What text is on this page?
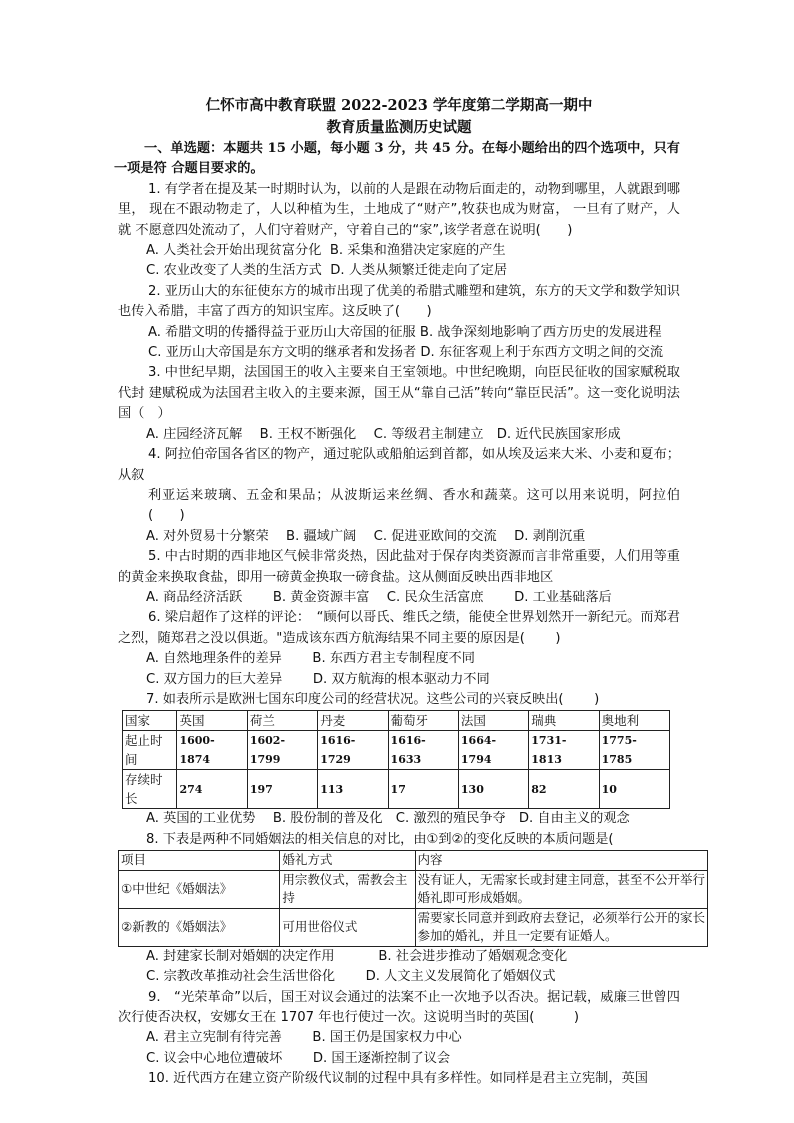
仁怀市高中教育联盟 2022-2023 学年度第二学期高一期中

教育质量监测历史试题

一、单选题：本题共 15 小题，每小题 3 分，共 45 分。在每小题给出的四个选项中，只有一项是符 合题目要求的。

1. 有学者在提及某一时期时认为，以前的人是跟在动物后面走的，动物到哪里，人就跟到哪里， 现在不跟动物走了，人以种植为生，土地成了“财产”,牧获也成为财富， 一旦有了财产，人就 不愿意四处流动了，人们守着财产，守着自己的“家”,该学者意在说明(　　)

A. 人类社会开始出现贫富分化 B. 采集和渔猎决定家庭的产生
C. 农业改变了人类的生活方式 D. 人类从频繁迁徙走向了定居

2. 亚历山大的东征使东方的城市出现了优美的希腊式雕塑和建筑，东方的天文学和数学知识也传入希腊，丰富了西方的知识宝库。这反映了(　　)

A. 希腊文明的传播得益于亚历山大帝国的征服 B. 战争深刻地影响了西方历史的发展进程

C. 亚历山大帝国是东方文明的继承者和发扬者 D. 东征客观上利于东西方文明之间的交流

3. 中世纪早期，法国国王的收入主要来自王室领地。中世纪晚期，向臣民征收的国家赋税取代封 建赋税成为法国君主收入的主要来源，国王从“靠自己活”转向“靠臣民活”。这一变化说明法国（　）

A. 庄园经济瓦解　 B. 王权不断强化　 C. 等级君主制建立　D. 近代民族国家形成

4. 阿拉伯帝国各省区的物产，通过驼队或船舶运到首都，如从埃及运来大米、小麦和夏布；从叙

利亚运来玻璃、五金和果品；从波斯运来丝绸、香水和蔬菜。这可以用来说明，阿拉伯(　　)

A. 对外贸易十分繁荣　 B. 疆域广阔　 C. 促进亚欧间的交流　 D. 剥削沉重

5. 中古时期的西非地区气候非常炎热，因此盐对于保存肉类资源而言非常重要，人们用等重的黄金来换取食盐，即用一磅黄金换取一磅食盐。这从侧面反映出西非地区

A. 商品经济活跃　　 B. 黄金资源丰富　 C. 民众生活富庶　　 D. 工业基础落后

6. 梁启超作了这样的评论：　“顾何以哥氏、维氏之绩，能使全世界划然开一新纪元。而郑君之烈，随郑君之没以俱逝。"造成该东西方航海结果不同主要的原因是(　　 )

A. 自然地理条件的差异　　 B. 东西方君主专制程度不同
C. 双方国力的巨大差异　　 D. 双方航海的根本驱动力不同
7. 如表所示是欧洲七国东印度公司的经营状况。这些公司的兴衰反映出(　　 )
国家	英国	荷兰	丹麦	葡萄牙	法国	瑞典	奥地利
起止时间	1600-1874	1602-1799	1616-1729	1616-1633	1664-1794	1731-1813	1775-1785
存续时长	274	197	113	17	130	82	10
A. 英国的工业优势　 B. 股份制的普及化　C. 激烈的殖民争夺　D. 自由主义的观念
8. 下表是两种不同婚姻法的相关信息的对比，由①到②的变化反映的本质问题是(
项目	婚礼方式	内容
①中世纪《婚姻法》	用宗教仪式，需教会主持	没有证人，无需家长或封建主同意，甚至不公开举行婚礼即可形成婚姻。
②新教的《婚姻法》	可用世俗仪式	需要家长同意并到政府去登记，必须举行公开的家长参加的婚礼，并且一定要有证婚人。
A. 封建家长制对婚姻的决定作用　　　 B. 社会进步推动了婚姻观念变化
C. 宗教改革推动社会生活世俗化　　 D. 人文主义发展简化了婚姻仪式

9.　“光荣革命”以后，国王对议会通过的法案不止一次地予以否决。据记载，威廉三世曾四次行使否决权，安娜女王在 1707 年也行使过一次。这说明当时的英国(　　　)

A. 君主立宪制有待完善　　 B. 国王仍是国家权力中心
C. 议会中心地位遭破坏　　 D. 国王逐渐控制了议会

10. 近代西方在建立资产阶级代议制的过程中具有多样性。如同样是君主立宪制，英国
